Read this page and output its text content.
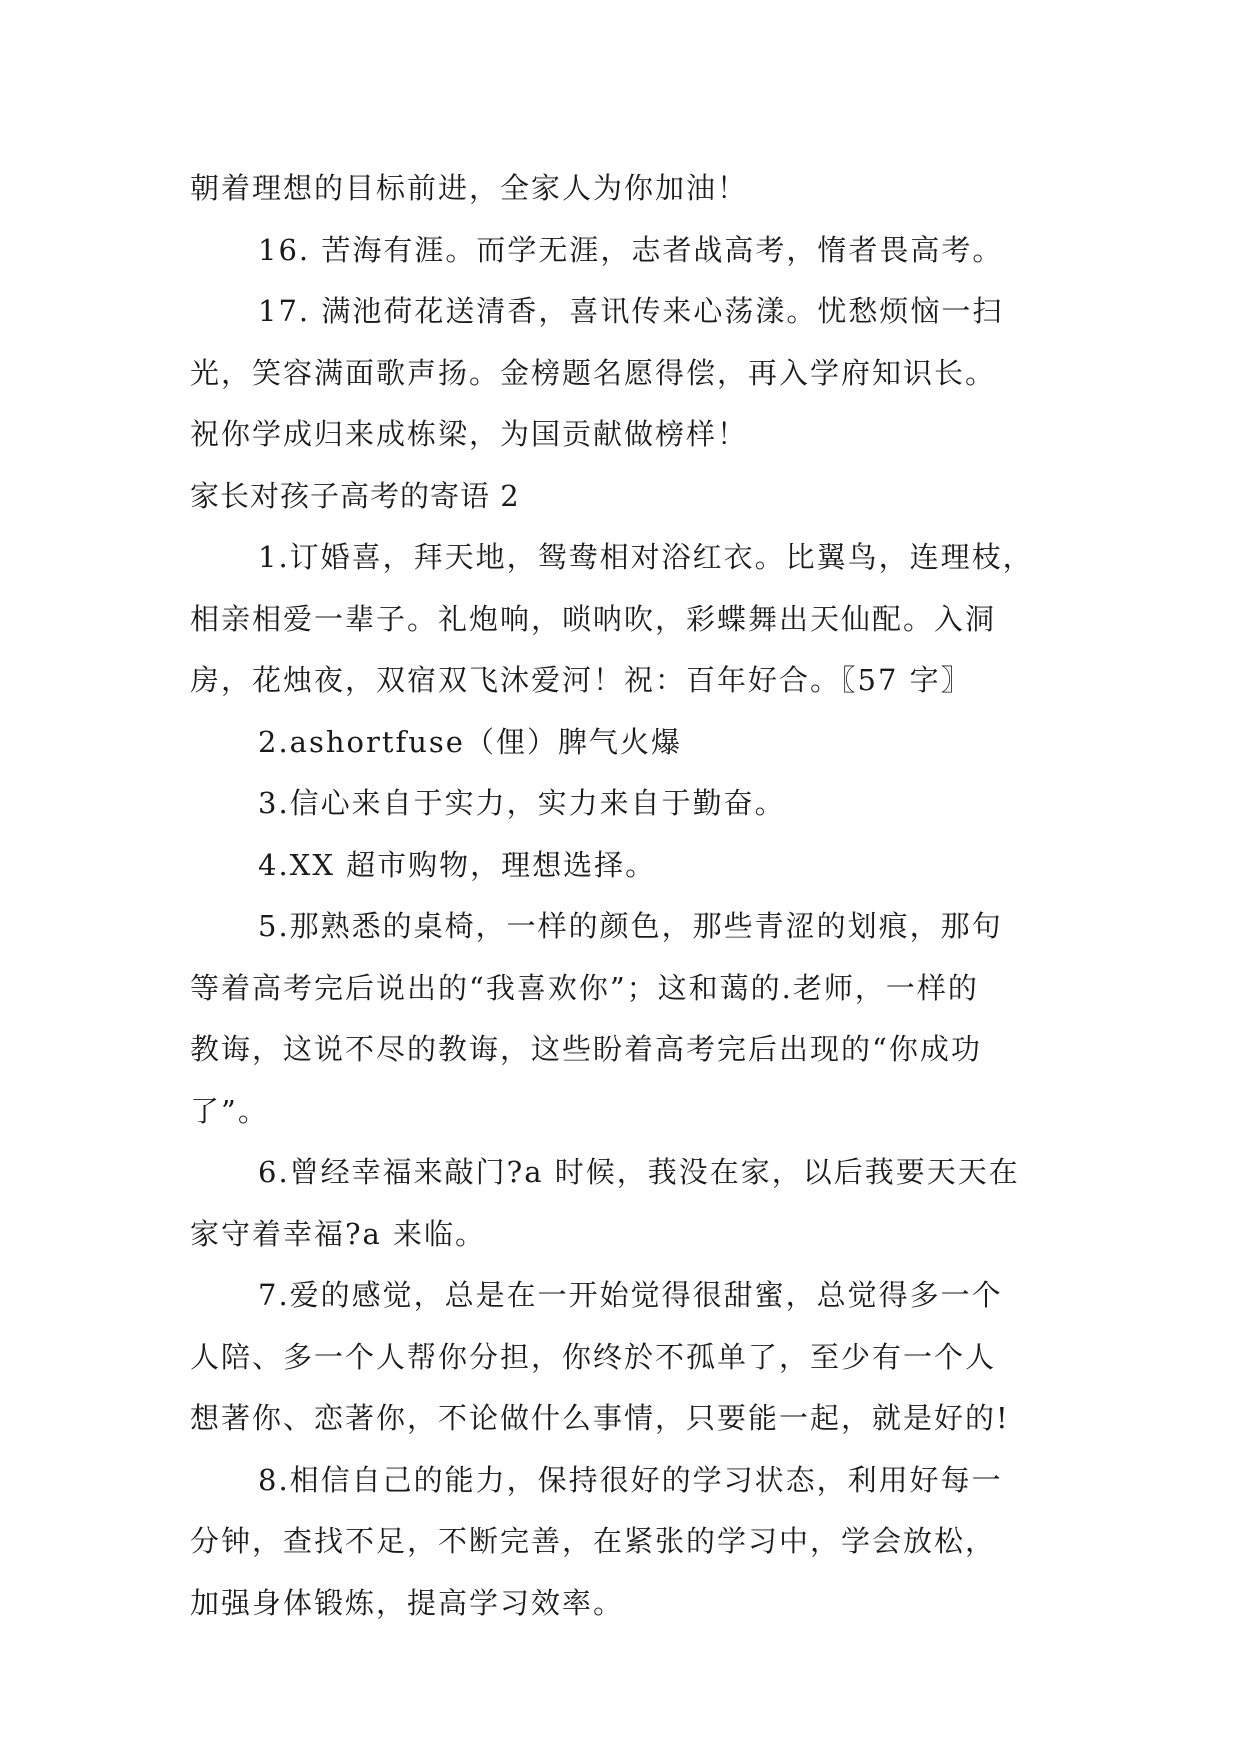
朝着理想的目标前进，全家人为你加油！
16. 苦海有涯。而学无涯，志者战高考，惰者畏高考。
17. 满池荷花送清香，喜讯传来心荡漾。忧愁烦恼一扫
光，笑容满面歌声扬。金榜题名愿得偿，再入学府知识长。
祝你学成归来成栋梁，为国贡献做榜样！
家长对孩子高考的寄语 2
1.订婚喜，拜天地，鸳鸯相对浴红衣。比翼鸟，连理枝，
相亲相爱一辈子。礼炮响，唢呐吹，彩蝶舞出天仙配。入洞
房，花烛夜，双宿双飞沐爱河！祝：百年好合。〖57 字〗
2.ashortfuse（俚）脾气火爆
3.信心来自于实力，实力来自于勤奋。
4.XX 超市购物，理想选择。
5.那熟悉的桌椅，一样的颜色，那些青涩的划痕，那句
等着高考完后说出的“我喜欢你”；这和蔼的.老师，一样的
教诲，这说不尽的教诲，这些盼着高考完后出现的“你成功
了”。
6.曾经幸福来敲门?a 时候，莪没在家，以后莪要天天在
家守着幸福?a 来临。
7.爱的感觉，总是在一开始觉得很甜蜜，总觉得多一个
人陪、多一个人帮你分担，你终於不孤单了，至少有一个人
想著你、恋著你，不论做什么事情，只要能一起，就是好的!
8.相信自己的能力，保持很好的学习状态，利用好每一
分钟，查找不足，不断完善，在紧张的学习中，学会放松，
加强身体锻炼，提高学习效率。
